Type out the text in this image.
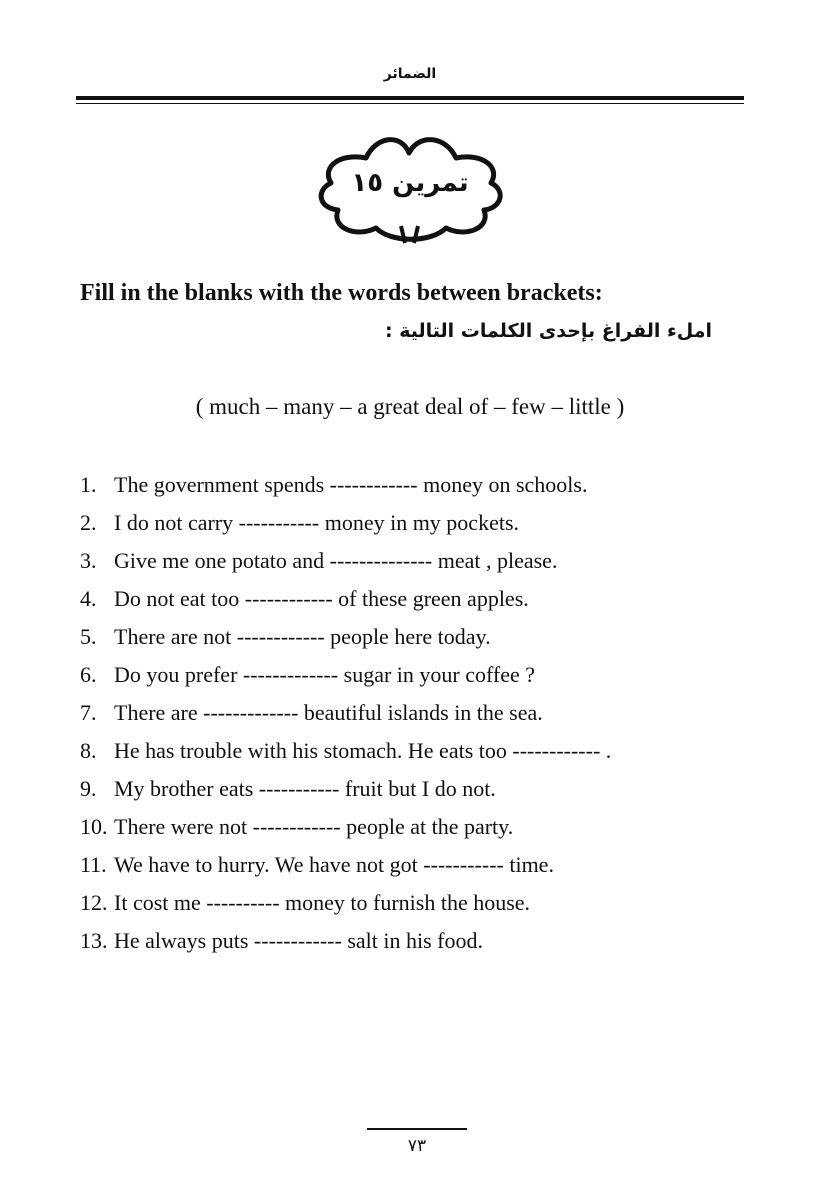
الضمائر
تمرين ١٥
Fill in the blanks with the words between brackets:
املء الفراغ بإحدى الكلمات التالية :
( much – many – a great deal of – few – little )
1. The government spends ------------ money on schools.
2. I do not carry ----------- money in my pockets.
3. Give me one potato and -------------- meat , please.
4. Do not eat too ------------ of these green apples.
5. There are not ------------ people here today.
6. Do you prefer ------------- sugar in your coffee ?
7. There are ------------- beautiful islands in the sea.
8. He has trouble with his stomach. He eats too ------------ .
9. My brother eats ----------- fruit but I do not.
10. There were not ------------ people at the party.
11. We have to hurry. We have not got ----------- time.
12. It cost me ---------- money to furnish the house.
13. He always puts ------------ salt in his food.
٧٣
